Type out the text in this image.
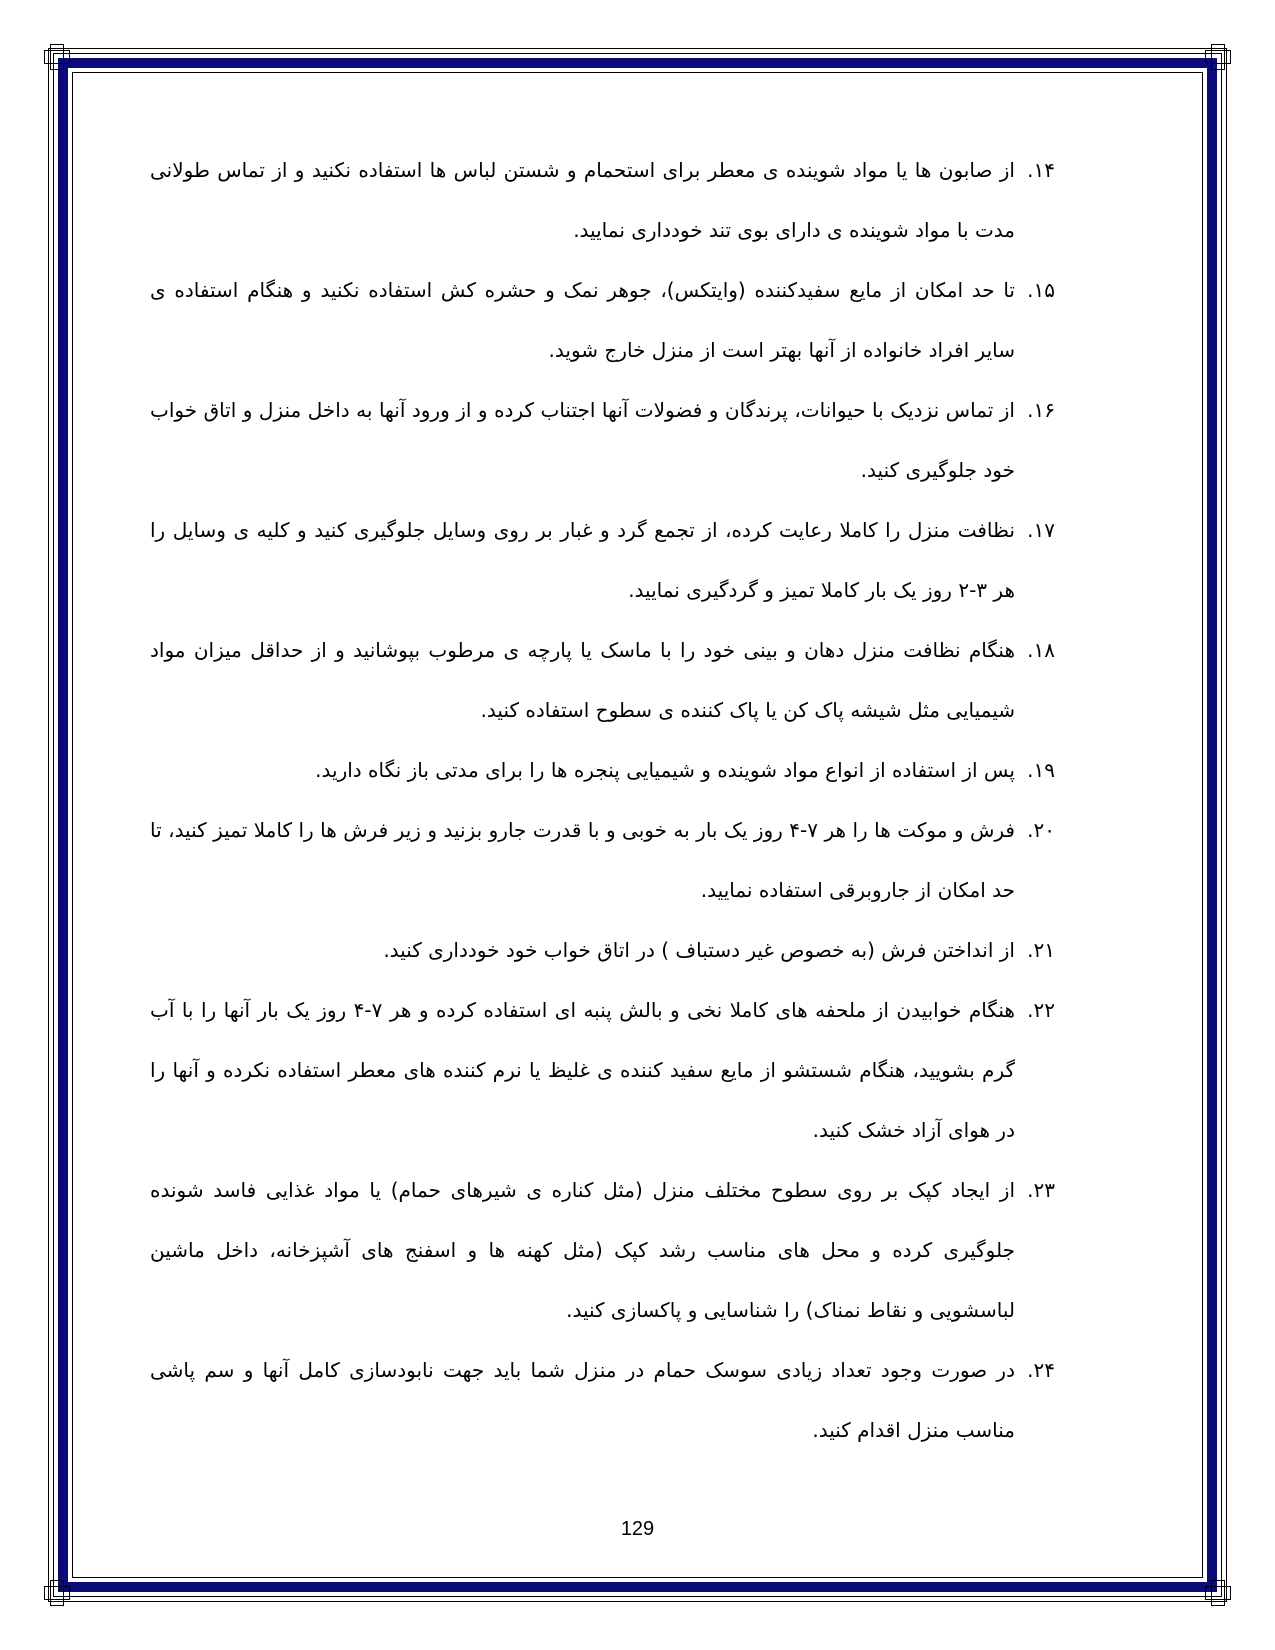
۱۴.
از صابون ها یا مواد شوینده ی معطر برای استحمام و شستن لباس ها استفاده نکنید و از تماس طولانی مدت با مواد شوینده ی دارای بوی تند خودداری نمایید.
۱۵.
تا حد امکان از مایع سفیدکننده (وایتکس)، جوهر نمک و حشره کش استفاده نکنید و هنگام استفاده ی سایر افراد خانواده از آنها بهتر است از منزل خارج شوید.
۱۶.
از تماس نزدیک با حیوانات، پرندگان و فضولات آنها اجتناب کرده و از ورود آنها به داخل منزل و اتاق خواب خود جلوگیری کنید.
۱۷.
نظافت منزل را کاملا رعایت کرده، از تجمع گرد و غبار بر روی وسایل جلوگیری کنید و کلیه ی وسایل را هر ۳-۲ روز یک بار کاملا تمیز و گردگیری نمایید.
۱۸.
هنگام نظافت منزل دهان و بینی خود را با ماسک یا پارچه ی مرطوب بپوشانید و از حداقل میزان مواد شیمیایی مثل شیشه پاک کن یا پاک کننده ی سطوح استفاده کنید.
۱۹.
پس از استفاده از انواع مواد شوینده و شیمیایی پنجره ها را برای مدتی باز نگاه دارید.
۲۰.
فرش و موکت ها را هر ۷-۴ روز یک بار به خوبی و با قدرت جارو بزنید و زیر فرش ها را کاملا تمیز کنید، تا حد امکان از جاروبرقی استفاده نمایید.
۲۱.
از انداختن فرش (به خصوص غیر دستباف ) در اتاق خواب خود خودداری کنید.
۲۲.
هنگام خوابیدن از ملحفه های کاملا نخی و بالش پنبه ای استفاده کرده و هر ۷-۴ روز یک بار آنها را با آب گرم بشویید، هنگام شستشو از مایع سفید کننده ی غلیظ یا نرم کننده های معطر استفاده نکرده و آنها را در هوای آزاد خشک کنید.
۲۳.
از ایجاد کپک بر روی سطوح مختلف منزل (مثل کناره ی شیرهای حمام) یا مواد غذایی فاسد شونده جلوگیری کرده و محل های مناسب رشد کپک (مثل کهنه ها و اسفنج های آشپزخانه، داخل ماشین لباسشویی و نقاط نمناک) را شناسایی و پاکسازی کنید.
۲۴.
در صورت وجود تعداد زیادی سوسک حمام در منزل شما باید جهت نابودسازی کامل آنها و سم پاشی مناسب منزل اقدام کنید.
129
